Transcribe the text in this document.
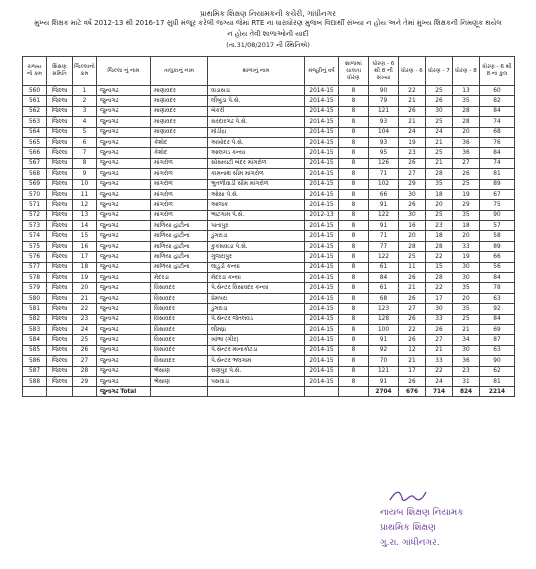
પ્રાથમિક શિક્ષણ નિયામકની કચેરી, ગાંધીનગર
મુખ્ય શિક્ષક માટે વર્ષ 2012-13 થી 2016-17 સુધી મંજૂર કરેલી જગ્યા જેમાં RTE ના ધારાધોરણ મુજબ વિદ્યાર્થી સંખ્યા ન હોય અને તેમાં મુખ્ય શિક્ષકની નિમણૂંક થયેલ
ન હોય તેવી શાળાઓની યાદી
(તા.31/08/2017 ની સ્થિતિએ)
રાજ્ય નો ક્રમ	શિક્ષણ સમિતિ	જિલ્લાનો ક્રમ	જિલ્લા નું નામ	તાલુકાનું નામ	શાળાનું નામ	મંજૂરીનું વર્ષ	શાળામાં ચાલતા ધોરણ	ધોરણ - 6 થી 8 ની સંખ્યા	ધોરણ - 6	ધોરણ - 7	ધોરણ - 8	ધોરણ - 6 થી 8 ના કુલ
560	જિલ્લા	1	જુનાગઢ	માણાવદર	વાડાસડા	2014-15	8	90	22	25	13	60
561	જિલ્લા	2	જુનાગઢ	માણાવદર	લીંબુડા પે.સે.	2014-15	8	79	21	26	35	82
562	જિલ્લા	3	જુનાગઢ	માણાવદર	બેકરી	2014-15	8	121	26	30	28	84
563	જિલ્લા	4	જુનાગઢ	માણાવદર	સરદારગઢ પે.સે.	2014-15	8	93	21	25	28	74
564	જિલ્લા	5	જુનાગઢ	માણાવદર	મોડીદ્રા	2014-15	8	104	24	24	20	68
565	જિલ્લા	6	જુનાગઢ	કેશોદ	અખોદર પે.સે.	2014-15	8	93	19	21	36	76
566	જિલ્લા	7	જુનાગઢ	કેશોદ	આલગડ કન્યા	2014-15	8	95	23	25	36	84
567	જિલ્લા	8	જુનાગઢ	માંગરોળ	સોસાયટી બંદર માંગરોળ	2014-15	8	126	26	21	27	74
568	જિલ્લા	9	જુનાગઢ	માંગરોળ	કામનાથ સીમ માંગરોળ	2014-15	8	71	27	28	26	81
569	જિલ્લા	10	જુનાગઢ	માંગરોળ	ભુતળીવાડી સીમ માંગરોળ	2014-15	8	102	29	35	25	89
570	જિલ્લા	11	જુનાગઢ	માંગરોળ	ઓસા પે.સે.	2014-15	8	66	30	18	19	67
571	જિલ્લા	12	જુનાગઢ	માંગરોળ	આજક	2014-15	8	91	26	20	29	75
572	જિલ્લા	13	જુનાગઢ	માંગરોળ	ભાટગામ પે.સે.	2012-13	8	122	30	25	35	90
573	જિલ્લા	14	જુનાગઢ	માળિયા હાટીના	પાતાપુર	2014-15	8	91	16	23	18	57
574	જિલ્લા	15	જુનાગઢ	માળિયા હાટીના	ડુંગરાડા	2014-15	8	71	20	18	20	58
575	જિલ્લા	16	જુનાગઢ	માળિયા હાટીના	કુકસવાડા પે.સે.	2014-15	8	77	28	28	33	89
576	જિલ્લા	17	જુનાગઢ	માળિયા હાટીના	ગુજરાપુર	2014-15	8	122	25	22	19	66
577	જિલ્લા	18	જુનાગઢ	માળિયા હાટીના	લાડુડી કન્યા	2014-15	8	61	11	15	30	56
578	જિલ્લા	19	જુનાગઢ	મેંદરડા	મેંદરડા કન્યા	2014-15	8	84	26	28	30	84
579	જિલ્લા	20	જુનાગઢ	વિસાવદર	પે.સેન્ટર વિસાવદર કન્યા	2014-15	8	61	21	22	35	78
580	જિલ્લા	21	જુનાગઢ	વિસાવદર	પ્રેમપરા	2014-15	8	68	26	17	20	63
581	જિલ્લા	22	જુનાગઢ	વિસાવદર	ડુંગરાડા	2014-15	8	123	27	30	35	92
582	જિલ્લા	23	જુનાગઢ	વિસાવદર	પે.સેન્ટર જેતલવડ	2014-15	8	128	26	33	25	84
583	જિલ્લા	24	જુનાગઢ	વિસાવદર	લીમધ્રા	2014-15	8	100	22	26	21	69
584	જિલ્લા	25	જુનાગઢ	વિસાવદર	ખાંભા (ગીર)	2014-15	8	91	26	27	34	87
585	જિલ્લા	26	જુનાગઢ	વિસાવદર	પે.સેન્ટર માનાકોટડા	2014-15	8	92	12	21	30	63
586	જિલ્લા	27	જુનાગઢ	વિસાવદર	પે.સેન્ટર ભલગામ	2014-15	8	70	21	33	36	90
587	જિલ્લા	28	જુનાગઢ	ભેંસાણ	રાણપુર પે.સે.	2014-15	8	121	17	22	23	62
588	જિલ્લા	29	જુનાગઢ	ભેંસાણ	પસવાડા	2014-15	8	91	26	24	31	81
			જુનાગઢ Total					2704	676	714	824	2214
નાયબ શિક્ષણ નિયામક
પ્રાથમિક શિક્ષણ
ગુ.રા. ગાંધીનગર.
